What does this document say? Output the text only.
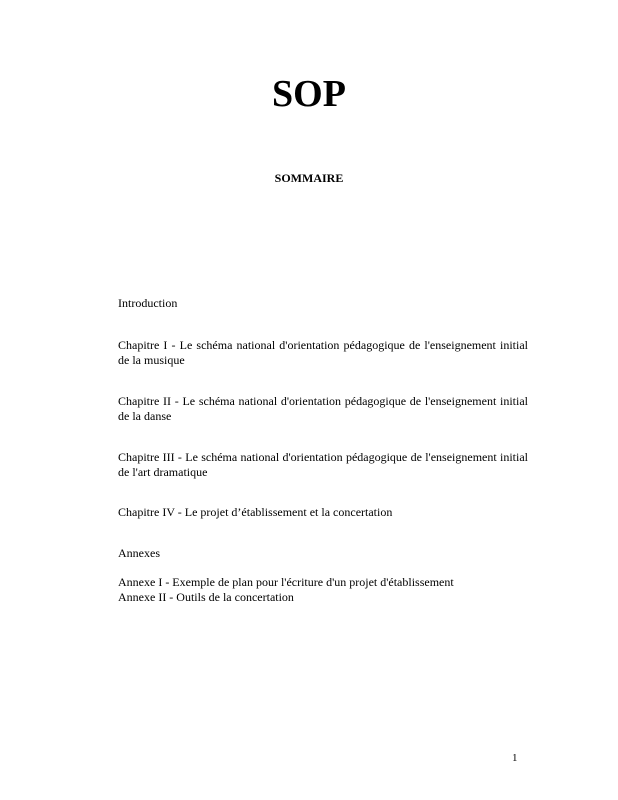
SOP
SOMMAIRE

Introduction

Chapitre I - Le schéma national d'orientation pédagogique de l'enseignement initial de la musique

Chapitre II - Le schéma national d'orientation pédagogique de l'enseignement initial de la danse

Chapitre III - Le schéma national d'orientation pédagogique de l'enseignement initial de l'art dramatique

Chapitre IV - Le projet d’établissement et la concertation

Annexes

Annexe I - Exemple de plan pour l'écriture d'un projet d'établissement

Annexe II - Outils de la concertation

1
